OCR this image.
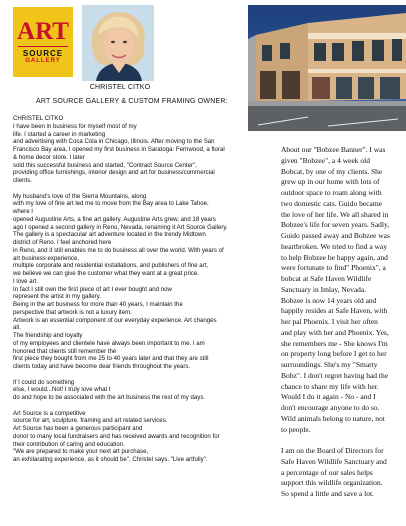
ART
SOURCE
GALLERY
CHRISTEL CITKO
ART SOURCE GALLERY & CUSTOM FRAMING OWNER:

CHRISTEL CITKO

I have been in business for myself most of my
life. I started a career in marketing
and advertising with Coca Cola in Chicago, Illinois. After moving to the San
Francisco Bay area, I opened my first business in Saratoga: Fernwood, a floral
& home decor store. I later
sold this successful business and started, "Contract Source Center",
providing office furnishings, interior design and art for business/commercial
clients.

My husband's love of the Sierra Mountains, along
with my love of fine art led me to move from the Bay area to Lake Tahoe,
where I
opened Augustine Arts, a fine art gallery. Augustine Arts grew, and 18 years
ago I opened a second gallery in Reno, Nevada, renaming it Art Source Gallery.
The gallery is a spectacular art adventure located in the trendy Midtown
district of Reno. I feel anchored here
in Reno, and it still enables me to do business all over the world. With years of
art business experience,
multiple corporate and residential installations, and publishers of fine art,
we believe we can give the customer what they want at a great price.
I love art.
In fact I still own the first piece of art I ever bought and now
represent the artist in my gallery.
Being in the art business for more than 40 years, I maintain the
perspective that artwork is not a luxury item.
Artwork is an essential component of our everyday experience. Art changes
all.
The friendship and loyalty
of my employees and clientele have always been important to me. I am
honored that clients still remember the
first piece they bought from me 25 to 40 years later and that they are still
clients today and have become dear friends throughout the years.

If I could do something
else, I would...Not! I truly love what I
do and hope to be associated with the art business the rest of my days.

Art Source is a competitive
source for art, sculpture, framing and art related services.
Art Source has been a generous participant and
donor to many local fundraisers and has received awards and recognition for
their contribution of caring and education.
"We are prepared to make your next art purchase,
an exhilarating experience, as it should be", Christel says. "Live artfully".

About our "Bobzee Banner". I was
given "Bobzee", a 4 week old
Bobcat, by one of my clients. She
grew up in our home with lots of
outdoor space to roam along with
two domestic cats. Guido became
the love of her life. We all shared in
Bobzee's life for seven years. Sadly,
Guido passed away and Bobzee was
heartbroken. We tried to find a way
to help Bobzee be happy again, and
were fortunate to find" Phoenix", a
bobcat at Safe Haven Wildlife
Sanctuary in Imlay, Nevada.
Bobzee is now 14 years old and
happily resides at Safe Haven, with
her pal Phoenix. I visit her often
and play with her and Phoenix. Yes,
she remembers me - She knows I'm
on property long before I get to her
surroundings. She's my "Smarty
Bobz". I don't regret having had the
chance to share my life with her.
Would I do it again - No - and I
don't encourage anyone to do so.
Wild animals belong to nature, not
to people.

I am on the Board of Directors for
Safe Haven Wildlife Sanctuary and
a percentage of our sales helps
support this wildlife organization.
So spend a little and save a lot.
